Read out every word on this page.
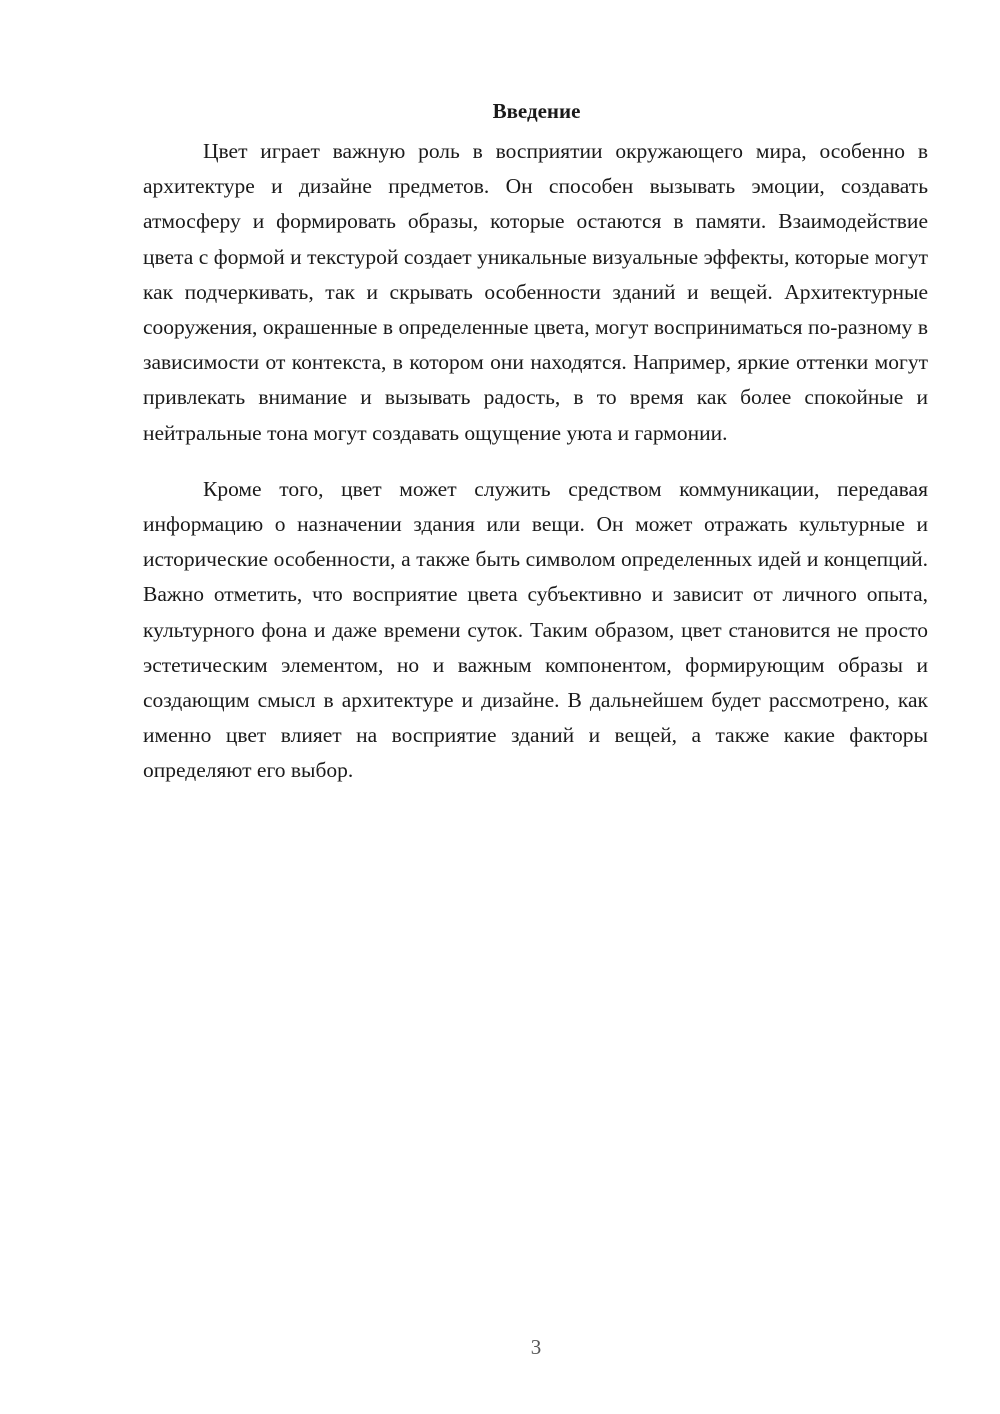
Введение

Цвет играет важную роль в восприятии окружающего мира, особенно в архитектуре и дизайне предметов. Он способен вызывать эмоции, создавать атмосферу и формировать образы, которые остаются в памяти. Взаимодействие цвета с формой и текстурой создает уникальные визуальные эффекты, которые могут как подчеркивать, так и скрывать особенности зданий и вещей. Архитектурные сооружения, окрашенные в определенные цвета, могут восприниматься по-разному в зависимости от контекста, в котором они находятся. Например, яркие оттенки могут привлекать внимание и вызывать радость, в то время как более спокойные и нейтральные тона могут создавать ощущение уюта и гармонии.

Кроме того, цвет может служить средством коммуникации, передавая информацию о назначении здания или вещи. Он может отражать культурные и исторические особенности, а также быть символом определенных идей и концепций. Важно отметить, что восприятие цвета субъективно и зависит от личного опыта, культурного фона и даже времени суток. Таким образом, цвет становится не просто эстетическим элементом, но и важным компонентом, формирующим образы и создающим смысл в архитектуре и дизайне. В дальнейшем будет рассмотрено, как именно цвет влияет на восприятие зданий и вещей, а также какие факторы определяют его выбор.

3
